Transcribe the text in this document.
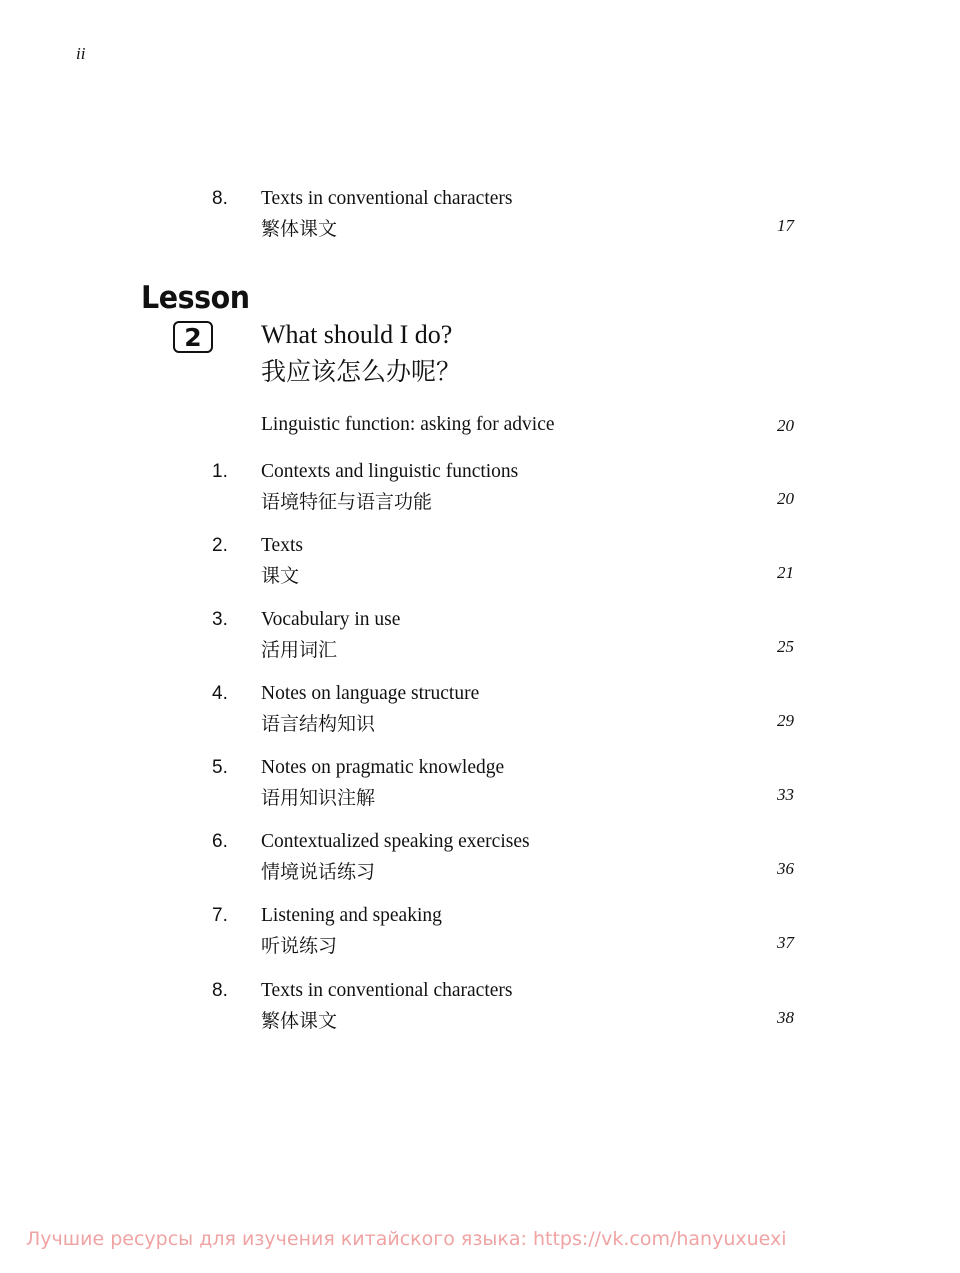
ii
8. Texts in conventional characters
繁体课文	17
Lesson
2	What should I do?
我应该怎么办呢？
Linguistic function: asking for advice	20
1. Contexts and linguistic functions
语境特征与语言功能	20
2. Texts
课文	21
3. Vocabulary in use
活用词汇	25
4. Notes on language structure
语言结构知识	29
5. Notes on pragmatic knowledge
语用知识注解	33
6. Contextualized speaking exercises
情境说话练习	36
7. Listening and speaking
听说练习	37
8. Texts in conventional characters
繁体课文	38
Лучшие ресурсы для изучения китайского языка: https://vk.com/hanyuxuexi
